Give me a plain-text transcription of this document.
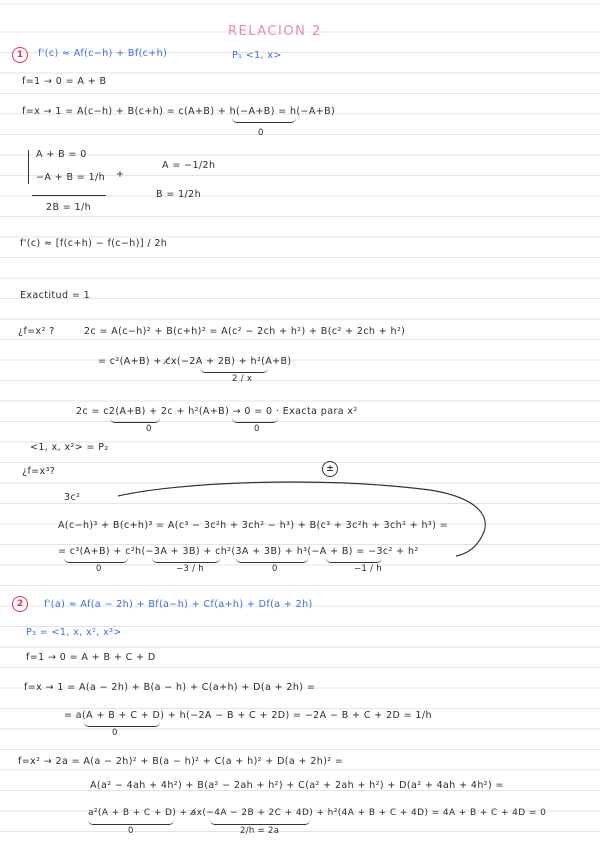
RELACION 2
1	f'(c) ≈ Af(c−h) + Bf(c+h)	P₁ <1, x>
f=1 → 0 = A + B
f=x → 1 = A(c−h) + B(c+h) = c(A+B) + h(−A+B) = h(−A+B)
0
A + B = 0
−A + B = 1/h +
2B = 1/h
A = −1/2h
B = 1/2h
f'(c) ≈ [f(c+h) − f(c−h)] / 2h
Exactitud = 1
¿f=x² ?	2c = A(c−h)² + B(c+h)² = A(c² − 2ch + h²) + B(c² + 2ch + h²)
= c²(A+B) + c̸x(−2A + 2B) + h²(A+B)
2 / x
2c = c2(A+B) + 2c + h²(A+B) → 0 = 0 · Exacta para x²
0	0
<1, x, x²> = P₂
¿f=x³?	±
3c²
A(c−h)³ + B(c+h)³ = A(c³ − 3c²h + 3ch² − h³) + B(c³ + 3c²h + 3ch² + h³) =
= c³(A+B) + c²h(−3A + 3B) + ch²(3A + 3B) + h³(−A + B) = −3c² + h²
0	−3 / h	0	−1 / h
2	f'(a) ≈ Af(a − 2h) + Bf(a−h) + Cf(a+h) + Df(a + 2h)
P₃ = <1, x, x², x³>
f=1 → 0 = A + B + C + D
f=x → 1 = A(a − 2h) + B(a − h) + C(a+h) + D(a + 2h) =
= a(A + B + C + D) + h(−2A − B + C + 2D) = −2A − B + C + 2D = 1/h
0
f=x² → 2a = A(a − 2h)² + B(a − h)² + C(a + h)² + D(a + 2h)² =
A(a² − 4ah + 4h²) + B(a² − 2ah + h²) + C(a² + 2ah + h²) + D(a² + 4ah + 4h²) =
a²(A + B + C + D) + a̸x(−4A − 2B + 2C + 4D) + h²(4A + B + C + 4D) = 4A + B + C + 4D = 0
0	2/h = 2a
